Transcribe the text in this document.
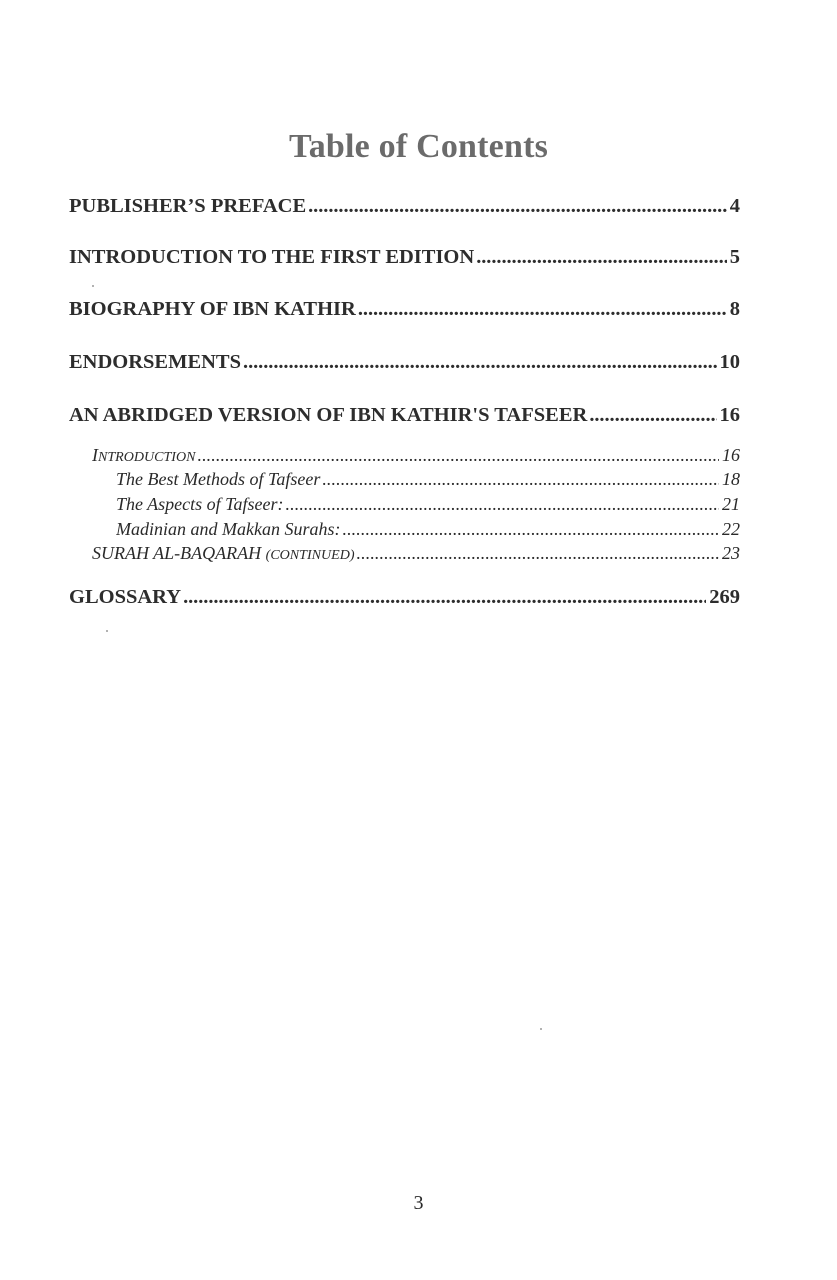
Table of Contents
PUBLISHER’S PREFACE . . .	4
INTRODUCTION TO THE FIRST EDITION . . .	5
BIOGRAPHY OF IBN KATHIR . . .	8
ENDORSEMENTS . . .	10
AN ABRIDGED VERSION OF IBN KATHIR'S TAFSEER . . .	16
INTRODUCTION . . .	16
The Best Methods of Tafseer . . .	18
The Aspects of Tafseer: . . .	21
Madinian and Makkan Surahs: . . .	22
SURAH AL-BAQARAH (CONTINUED) . . .	23
GLOSSARY . . .	269
3
